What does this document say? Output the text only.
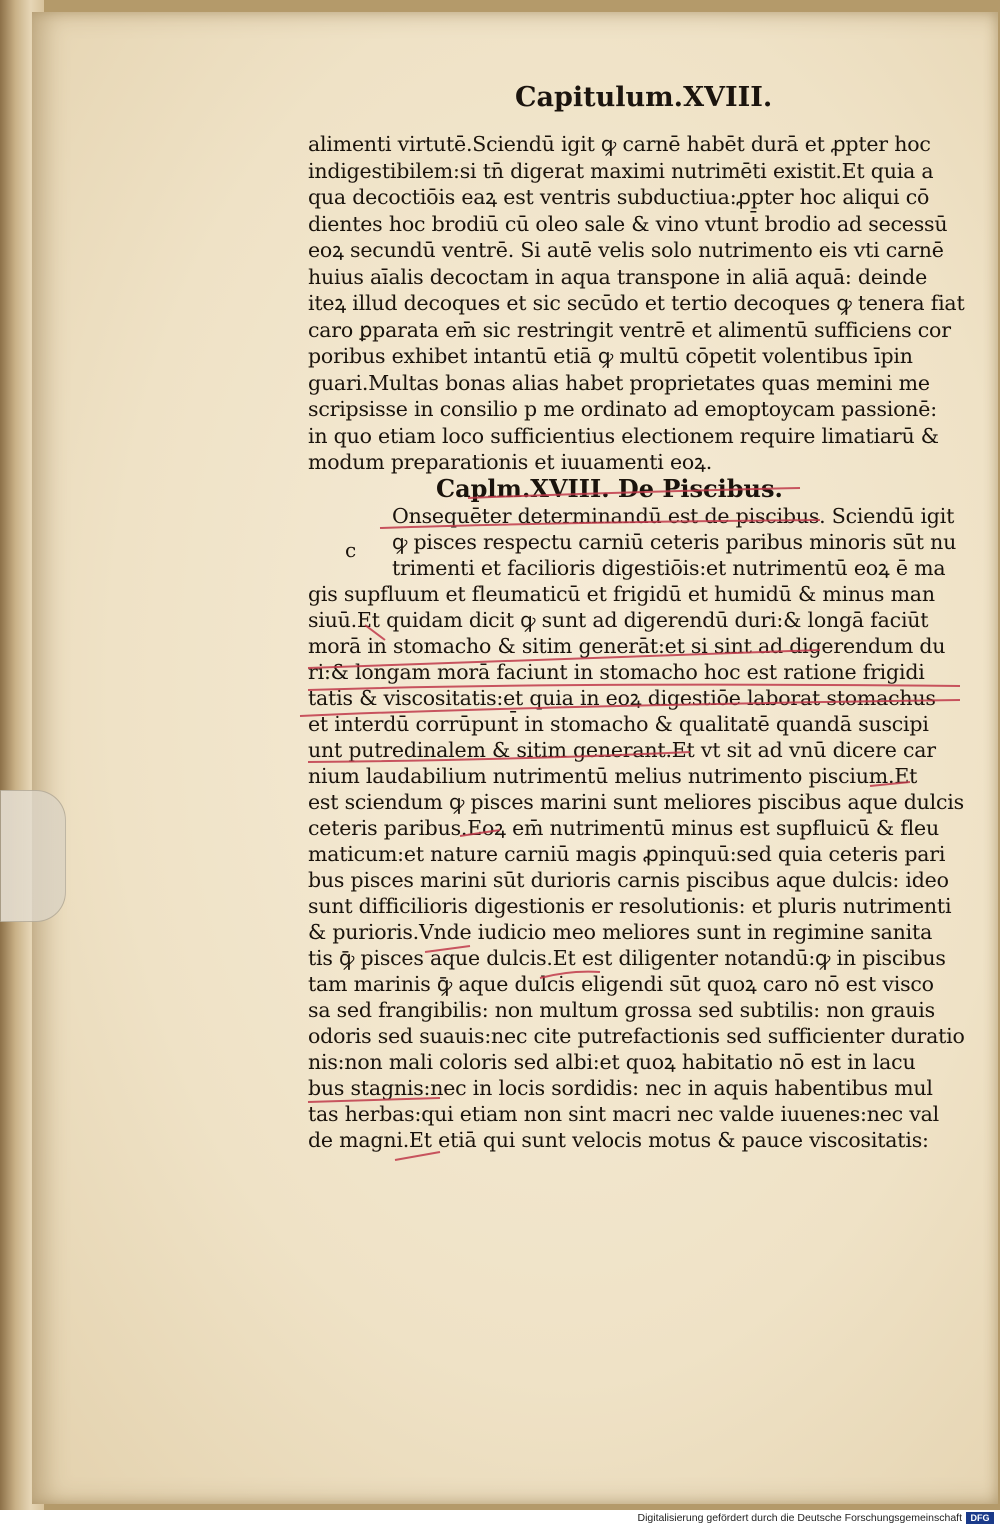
Capitulum.XVIII.
alimenti virtutē.Sciendū igit ꝙ carnē habēt durā et ꝓpter hoc
indigestibilem:si tn̄ digerat maximi nutrimēti existit.Et quia a
qua decoctiōis eaꝝ est ventris subductiua:ꝓpter hoc aliqui cō
dientes hoc brodiū cū oleo sale & vino vtunt̄ brodio ad secessū
eoꝝ secundū ventrē. Si autē velis solo nutrimento eis vti carnē
huius aīalis decoctam in aqua transpone in aliā aquā: deinde
iteꝝ illud decoques et sic secūdo et tertio decoques ꝙ tenera fiat
caro ꝑparata em̄ sic restringit ventrē et alimentū sufficiens cor
poribus exhibet intantū etiā ꝙ multū cōpetit volentibus īpin
guari.Multas bonas alias habet proprietates quas memini me
scripsisse in consilio p me ordinato ad emoptoycam passionē:
in quo etiam loco sufficientius electionem require limatiarū &
modum preparationis et iuuamenti eoꝝ.
Onsequēter determinandū est de piscibus. Sciendū igit
ꝙ pisces respectu carniū ceteris paribus minoris sūt nu
trimenti et facilioris digestiōis:et nutrimentū eoꝝ ē ma
gis supfluum et fleumaticū et frigidū et humidū & minus man
siuū.Et quidam dicit ꝙ sunt ad digerendū duri:& longā faciūt
morā in stomacho & sitim generāt:et si sint ad digerendum du
ri:& longam morā faciunt in stomacho hoc est ratione frigidi
tatis & viscositatis:et quia in eoꝝ digestiōe laborat stomachus
et interdū corrūpunt̄ in stomacho & qualitatē quandā suscipi
unt putredinalem & sitim generant.Et vt sit ad vnū dicere car
nium laudabilium nutrimentū melius nutrimento piscium.Et
est sciendum ꝙ pisces marini sunt meliores piscibus aque dulcis
ceteris paribus.Eoꝝ em̄ nutrimentū minus est supfluicū & fleu
maticum:et nature carniū magis ꝓpinquū:sed quia ceteris pari
bus pisces marini sūt durioris carnis piscibus aque dulcis: ideo
sunt difficilioris digestionis er resolutionis: et pluris nutrimenti
& purioris.Vnde iudicio meo meliores sunt in regimine sanita
tis ꝙ̄ pisces aque dulcis.Et est diligenter notandū:ꝙ in piscibus
tam marinis ꝙ̄ aque dulcis eligendi sūt quoꝝ caro nō est visco
sa sed frangibilis: non multum grossa sed subtilis: non grauis
odoris sed suauis:nec cite putrefactionis sed sufficienter duratio
nis:non mali coloris sed albi:et quoꝝ habitatio nō est in lacu
bus stagnis:nec in locis sordidis: nec in aquis habentibus mul
tas herbas:qui etiam non sint macri nec valde iuuenes:nec val
de magni.Et etiā qui sunt velocis motus & pauce viscositatis:
Caplm.XVIII. De Piscibus.
c
Digitalisierung gefördert durch die Deutsche Forschungsgemeinschaft DFG
